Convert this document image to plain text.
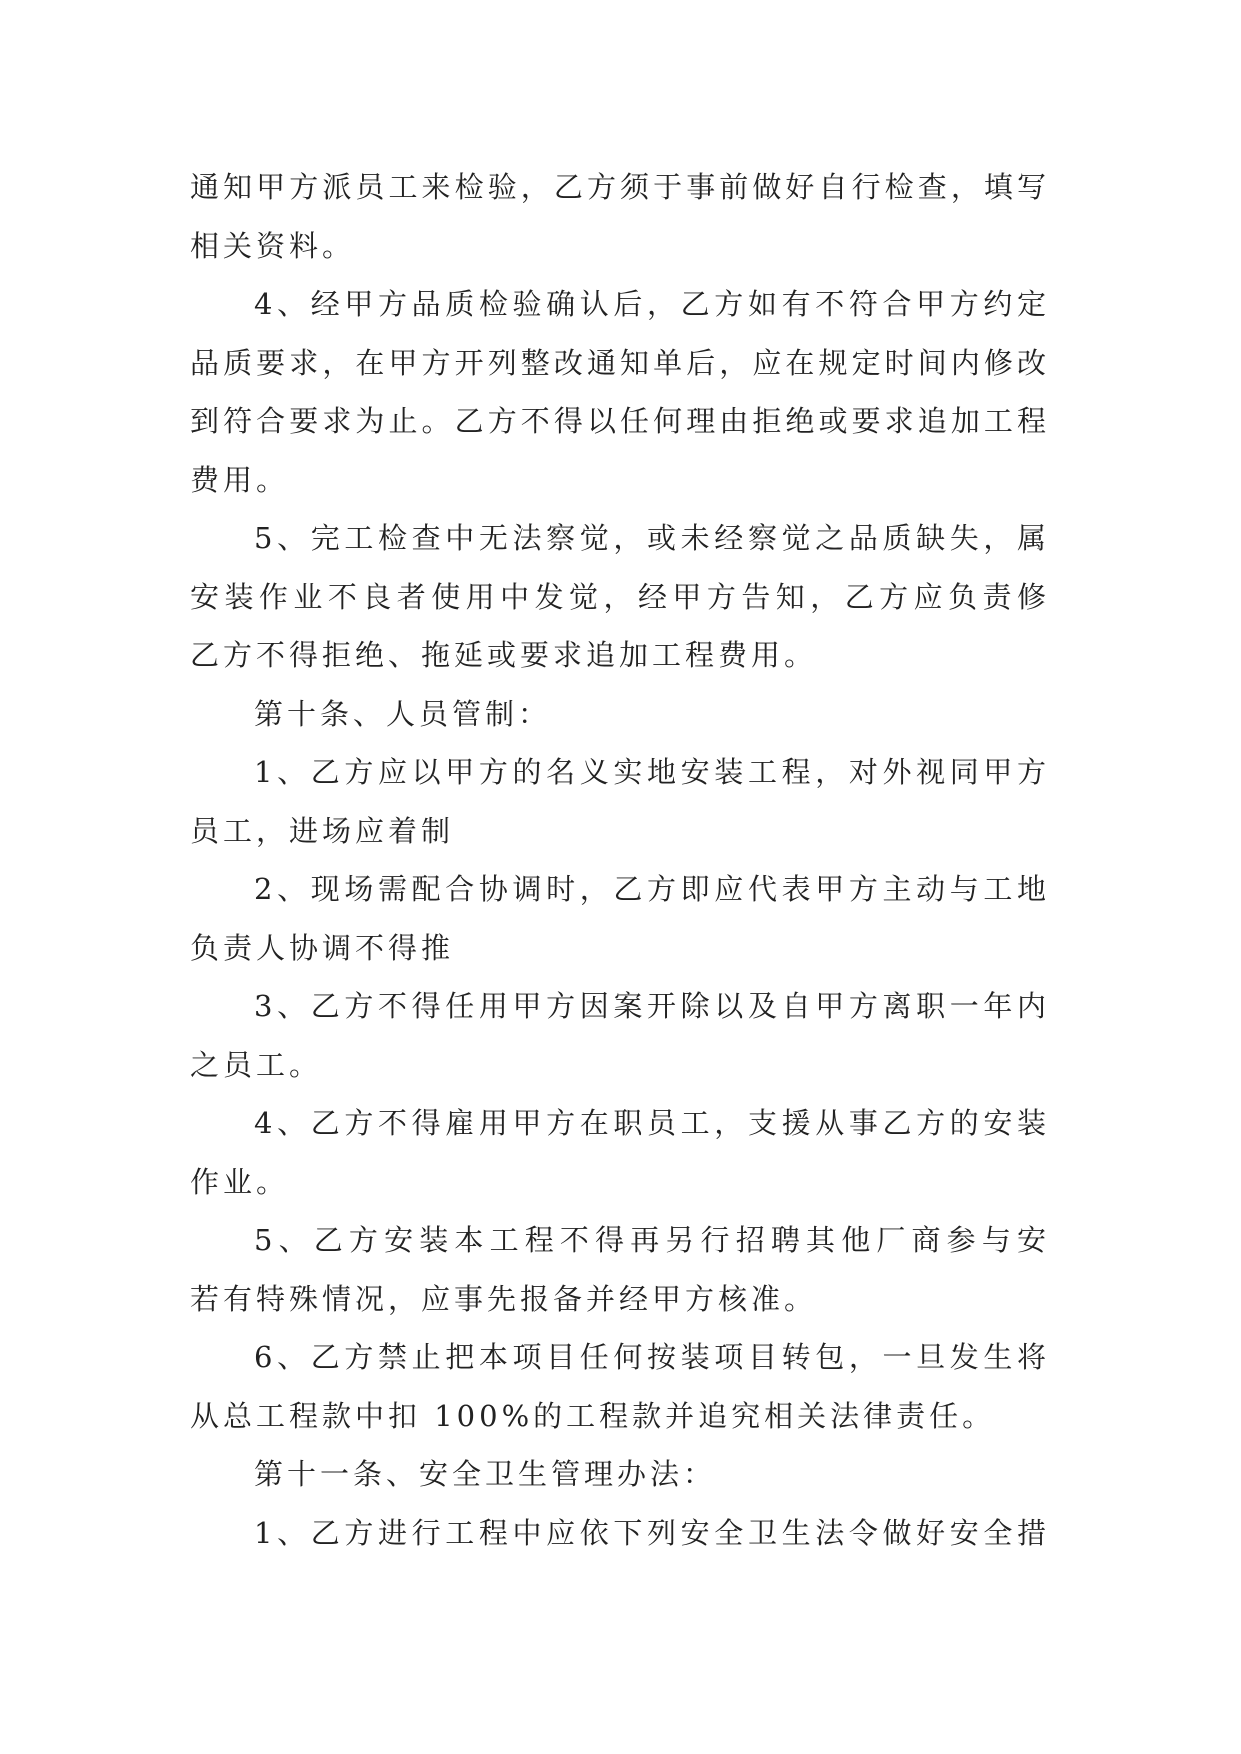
通知甲方派员工来检验，乙方须于事前做好自行检查，填写
相关资料。
4、经甲方品质检验确认后，乙方如有不符合甲方约定
品质要求，在甲方开列整改通知单后，应在规定时间内修改
到符合要求为止。乙方不得以任何理由拒绝或要求追加工程
费用。
5、完工检查中无法察觉，或未经察觉之品质缺失，属
安装作业不良者使用中发觉，经甲方告知，乙方应负责修
乙方不得拒绝、拖延或要求追加工程费用。
第十条、人员管制：
1、乙方应以甲方的名义实地安装工程，对外视同甲方
员工，进场应着制
2、现场需配合协调时，乙方即应代表甲方主动与工地
负责人协调不得推
3、乙方不得任用甲方因案开除以及自甲方离职一年内
之员工。
4、乙方不得雇用甲方在职员工，支援从事乙方的安装
作业。
5、乙方安装本工程不得再另行招聘其他厂商参与安
若有特殊情况，应事先报备并经甲方核准。
6、乙方禁止把本项目任何按装项目转包，一旦发生将
从总工程款中扣 100%的工程款并追究相关法律责任。
第十一条、安全卫生管理办法：
1、乙方进行工程中应依下列安全卫生法令做好安全措
